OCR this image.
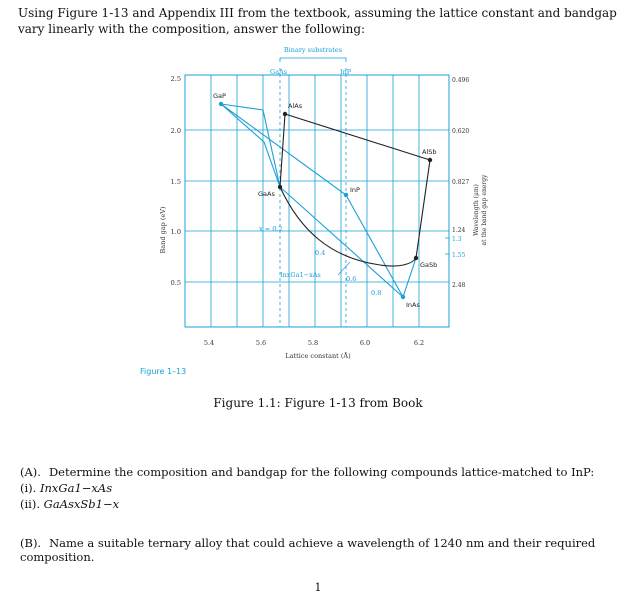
Using Figure 1-13 and Appendix III from the textbook, assuming the lattice constant and bandgap vary linearly with the composition, answer the following:
GaP
AlAs
GaAs	InP
AlSb
GaSb
InAs
x = 0.2
0.4
0.6
0.8
InxGa1−xAs
Binary substrates
GaAs	InP
2.5
2.0
1.5
1.0
0.5
5.4	5.6	5.8	6.0	6.2
Lattice constant (Å)
0.496
0.620
0.827
1.24
1.3
1.55
2.48
Band gap (eV)	Wavelength (μm) at the band gap energy
Figure 1–13
Figure 1.1: Figure 1-13 from Book
(A). Determine the composition and bandgap for the following compounds lattice-matched to InP:
(i). InxGa1−xAs
(ii). GaAsxSb1−x
(B). Name a suitable ternary alloy that could achieve a wavelength of 1240 nm and their required composition.
1
